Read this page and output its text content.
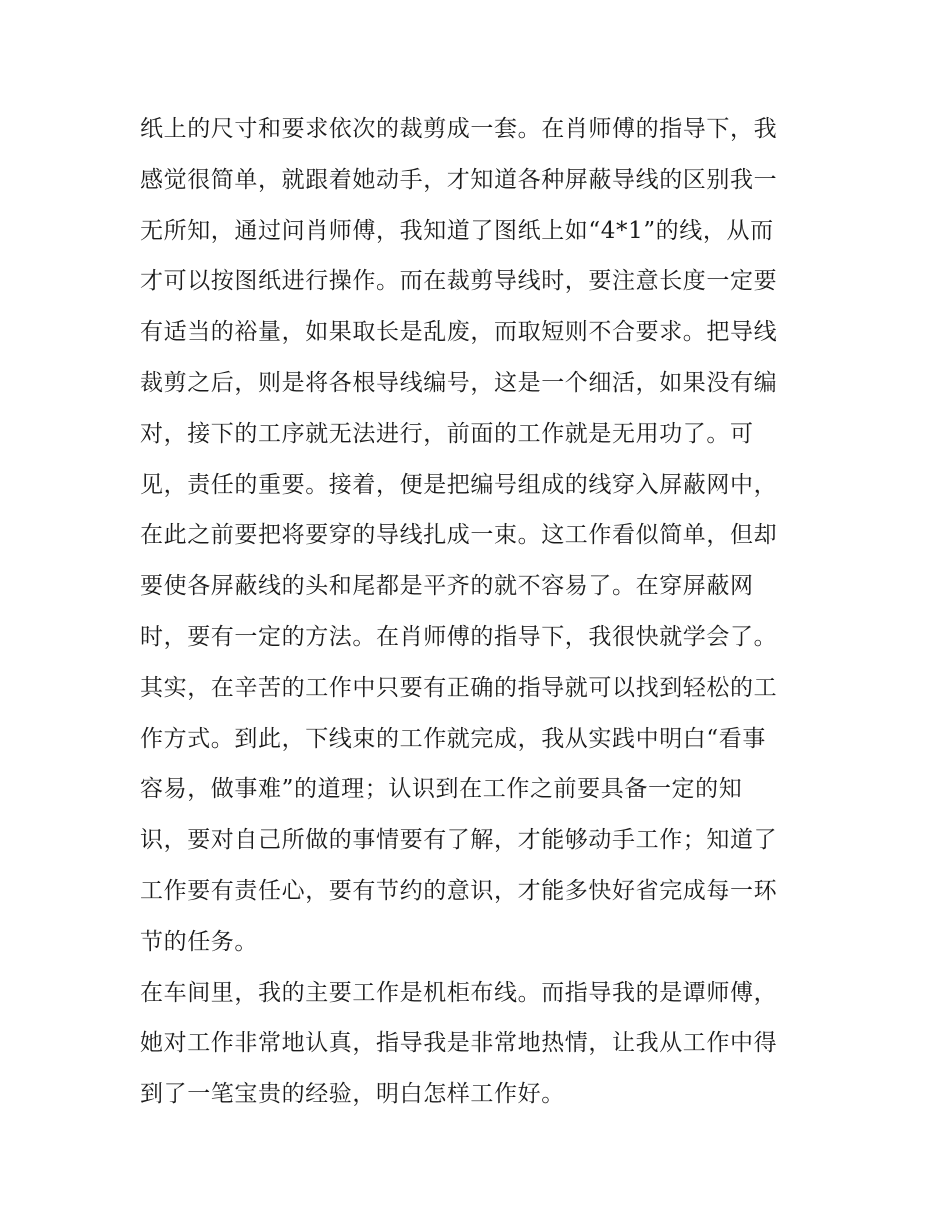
纸上的尺寸和要求依次的裁剪成一套。在肖师傅的指导下，我
感觉很简单，就跟着她动手，才知道各种屏蔽导线的区别我一
无所知，通过问肖师傅，我知道了图纸上如“4*1”的线，从而
才可以按图纸进行操作。而在裁剪导线时，要注意长度一定要
有适当的裕量，如果取长是乱废，而取短则不合要求。把导线
裁剪之后，则是将各根导线编号，这是一个细活，如果没有编
对，接下的工序就无法进行，前面的工作就是无用功了。可
见，责任的重要。接着，便是把编号组成的线穿入屏蔽网中，
在此之前要把将要穿的导线扎成一束。这工作看似简单，但却
要使各屏蔽线的头和尾都是平齐的就不容易了。在穿屏蔽网
时，要有一定的方法。在肖师傅的指导下，我很快就学会了。
其实，在辛苦的工作中只要有正确的指导就可以找到轻松的工
作方式。到此，下线束的工作就完成，我从实践中明白“看事
容易，做事难”的道理；认识到在工作之前要具备一定的知
识，要对自己所做的事情要有了解，才能够动手工作；知道了
工作要有责任心，要有节约的意识，才能多快好省完成每一环
节的任务。
在车间里，我的主要工作是机柜布线。而指导我的是谭师傅，
她对工作非常地认真，指导我是非常地热情，让我从工作中得
到了一笔宝贵的经验，明白怎样工作好。
